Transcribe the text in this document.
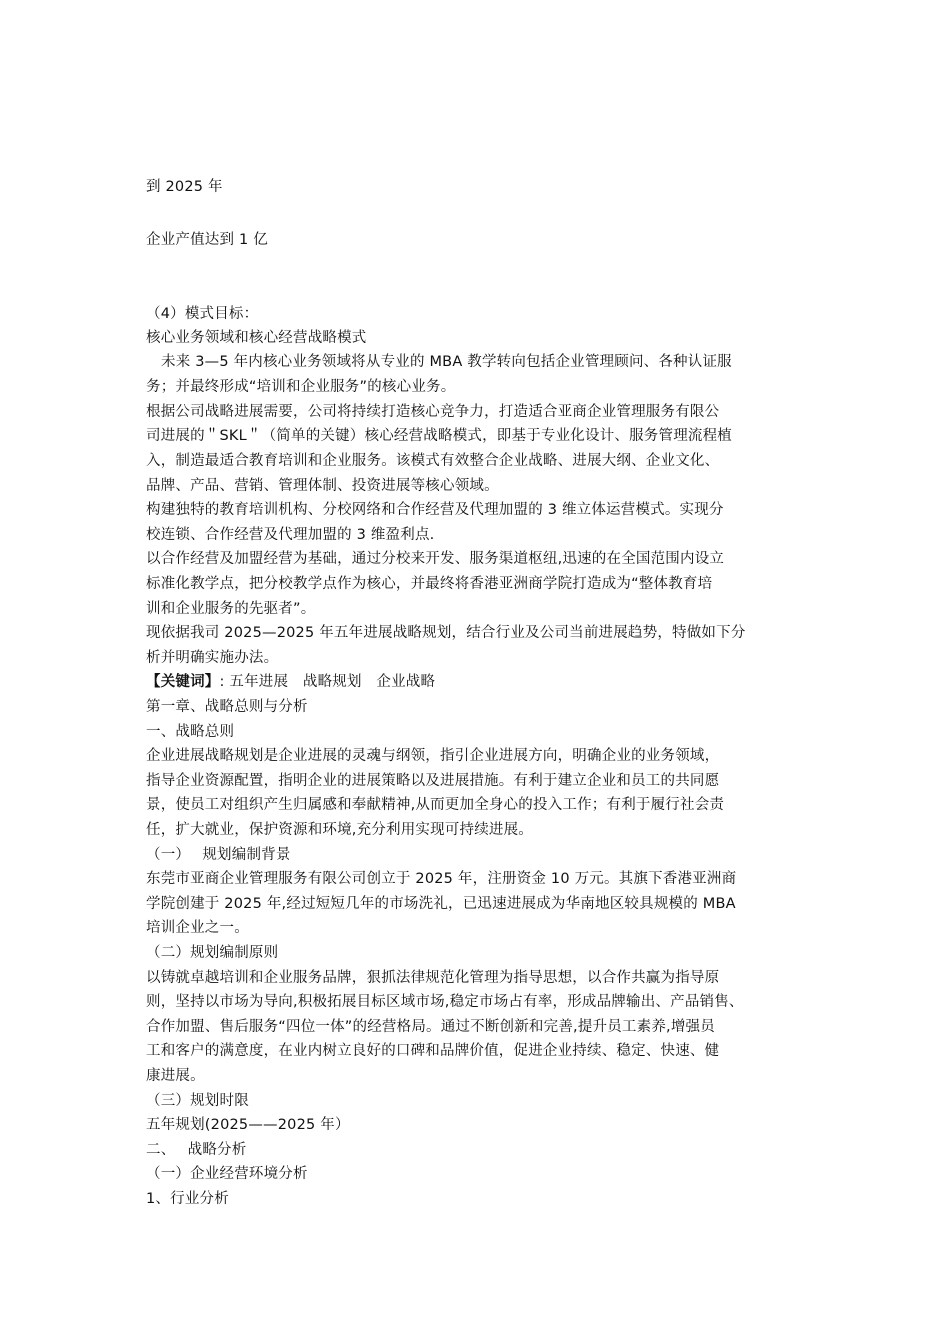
到 2025 年
企业产值达到 1 亿
（4）模式目标：
核心业务领域和核心经营战略模式
未来 3—5 年内核心业务领域将从专业的 MBA 教学转向包括企业管理顾问、各种认证服
务；并最终形成“培训和企业服务”的核心业务。
根据公司战略进展需要，公司将持续打造核心竞争力，打造适合亚商企业管理服务有限公
司进展的＂SKL＂（简单的关键）核心经营战略模式，即基于专业化设计、服务管理流程植
入，制造最适合教育培训和企业服务。该模式有效整合企业战略、进展大纲、企业文化、
品牌、产品、营销、管理体制、投资进展等核心领域。
构建独特的教育培训机构、分校网络和合作经营及代理加盟的 3 维立体运营模式。实现分
校连锁、合作经营及代理加盟的 3 维盈利点.
以合作经营及加盟经营为基础，通过分校来开发、服务渠道枢纽,迅速的在全国范围内设立
标准化教学点，把分校教学点作为核心，并最终将香港亚洲商学院打造成为“整体教育培
训和企业服务的先驱者”。
现依据我司 2025—2025 年五年进展战略规划，结合行业及公司当前进展趋势，特做如下分
析并明确实施办法。
【关键词】: 五年进展　战略规划　企业战略
第一章、战略总则与分析
一、战略总则
企业进展战略规划是企业进展的灵魂与纲领，指引企业进展方向，明确企业的业务领域，
指导企业资源配置，指明企业的进展策略以及进展措施。有利于建立企业和员工的共同愿
景，使员工对组织产生归属感和奉献精神,从而更加全身心的投入工作；有利于履行社会责
任，扩大就业，保护资源和环境,充分利用实现可持续进展。
（一）　 规划编制背景
东莞市亚商企业管理服务有限公司创立于 2025 年，注册资金 10 万元。其旗下香港亚洲商
学院创建于 2025 年,经过短短几年的市场洗礼，已迅速进展成为华南地区较具规模的 MBA
培训企业之一。
（二）规划编制原则
以铸就卓越培训和企业服务品牌，狠抓法律规范化管理为指导思想，以合作共赢为指导原
则，坚持以市场为导向,积极拓展目标区域市场,稳定市场占有率，形成品牌输出、产品销售、
合作加盟、售后服务“四位一体”的经营格局。通过不断创新和完善,提升员工素养,增强员
工和客户的满意度，在业内树立良好的口碑和品牌价值，促进企业持续、稳定、快速、健
康进展。
（三）规划时限
五年规划(2025——2025 年）
二、　 战略分析
（一）企业经营环境分析
1、行业分析
